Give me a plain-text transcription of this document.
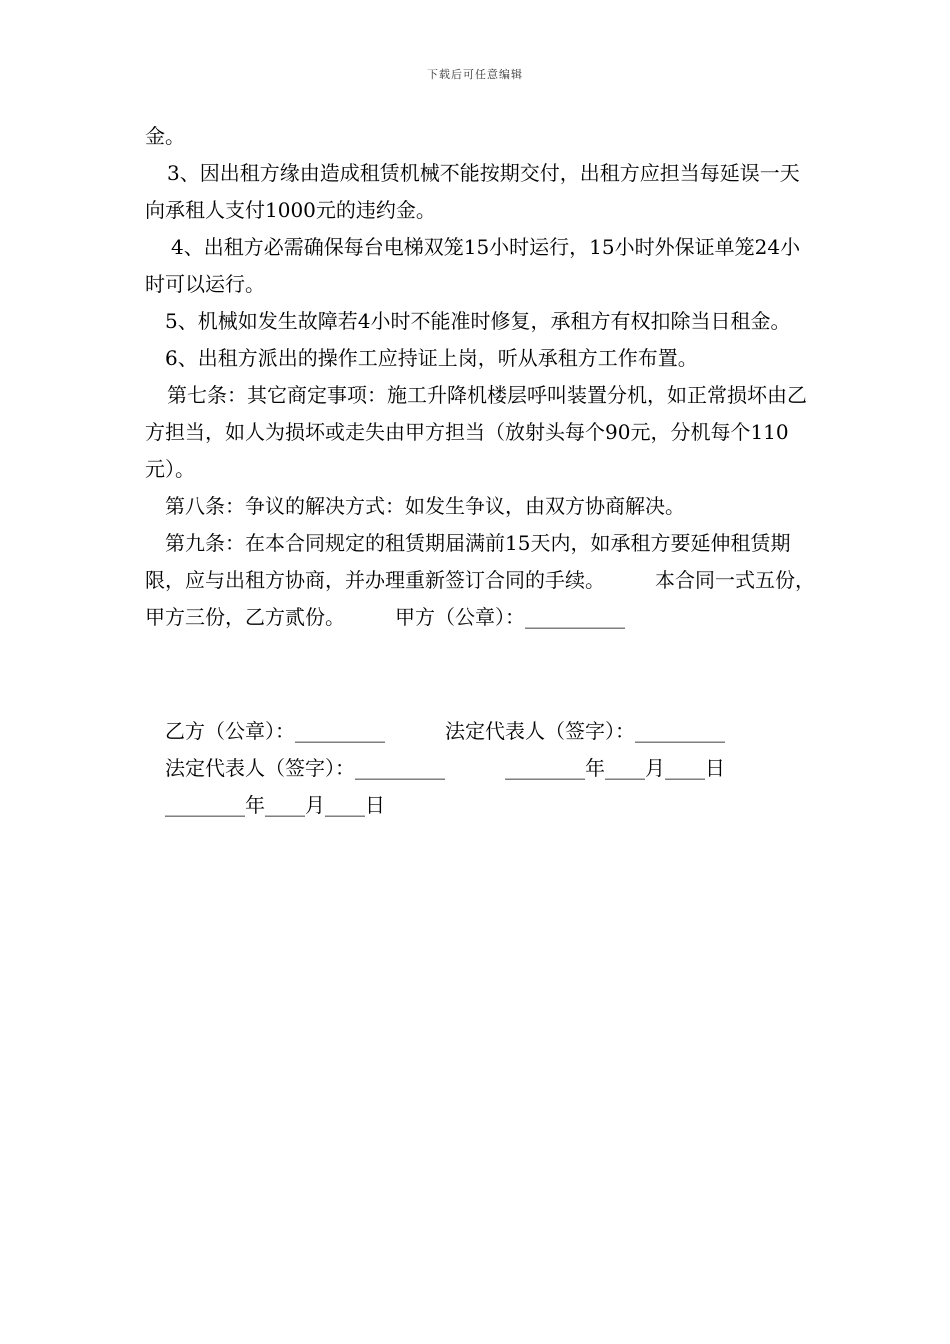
下载后可任意编辑

金。

3、因出租方缘由造成租赁机械不能按期交付，出租方应担当每延误一天向承租人支付1000元的违约金。

4、出租方必需确保每台电梯双笼15小时运行，15小时外保证单笼24小时可以运行。

5、机械如发生故障若4小时不能准时修复，承租方有权扣除当日租金。

6、出租方派出的操作工应持证上岗，听从承租方工作布置。

第七条：其它商定事项：施工升降机楼层呼叫装置分机，如正常损坏由乙方担当，如人为损坏或走失由甲方担当（放射头每个90元，分机每个110元）。

第八条：争议的解决方式：如发生争议，由双方协商解决。

第九条：在本合同规定的租赁期届满前15天内，如承租方要延伸租赁期限，应与出租方协商，并办理重新签订合同的手续。　　　本合同一式五份，甲方三份，乙方贰份。　　　甲方（公章）：__________

乙方（公章）：_________　　　法定代表人（签字）：_________
法定代表人（签字）：_________　　　________年____月____日
________年____月____日
